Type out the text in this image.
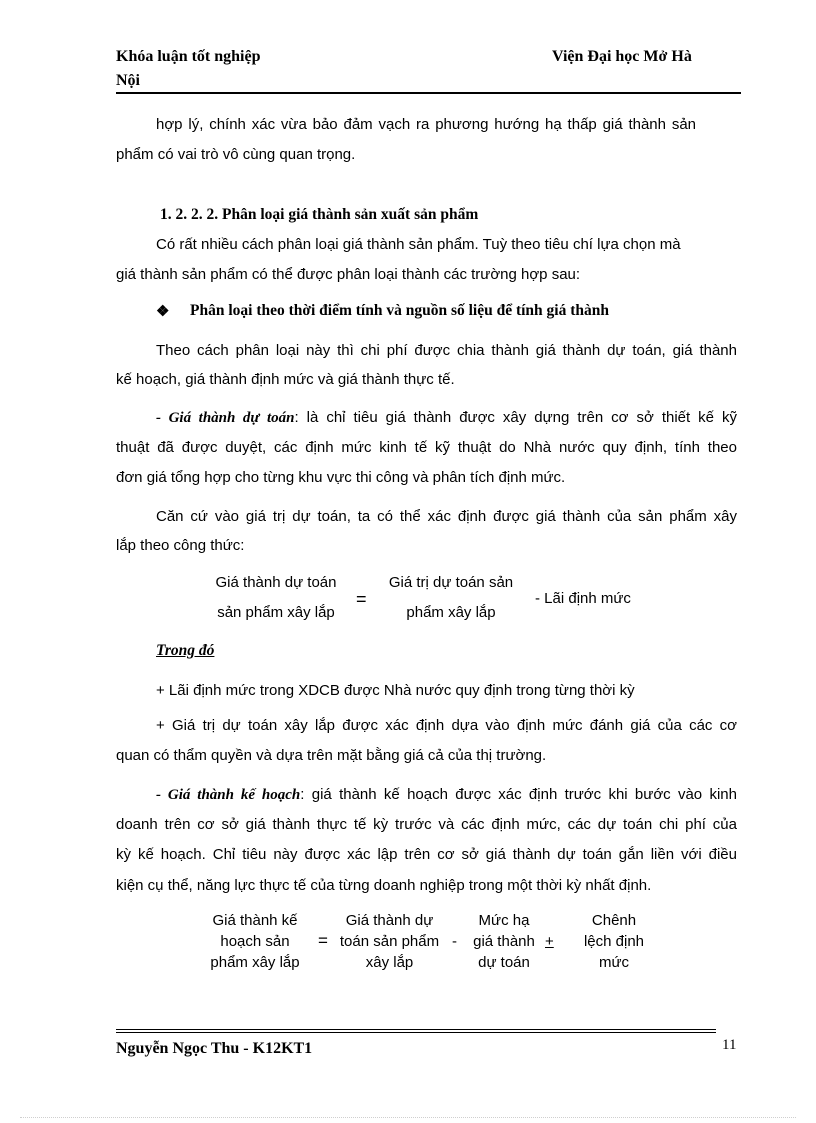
Khóa luận tốt nghiệp	Viện Đại học Mở Hà
Nội
hợp lý, chính xác vừa bảo đảm vạch ra phương hướng hạ thấp giá thành sản
phẩm có vai trò vô cùng quan trọng.
1. 2. 2. 2. Phân loại giá thành sản xuất sản phẩm
Có rất nhiều cách phân loại giá thành sản phẩm. Tuỳ theo tiêu chí lựa chọn mà
giá thành sản phẩm có thể được phân loại thành các trường hợp sau:
❖ Phân loại theo thời điểm tính và nguồn số liệu để tính giá thành
Theo cách phân loại này thì chi phí được chia thành giá thành dự toán, giá thành
kế hoạch, giá thành định mức và giá thành thực tế.
- Giá thành dự toán: là chỉ tiêu giá thành được xây dựng trên cơ sở thiết kế kỹ
thuật đã được duyệt, các định mức kinh tế kỹ thuật do Nhà nước quy định, tính theo
đơn giá tổng hợp cho từng khu vực thi công và phân tích định mức.
Căn cứ vào giá trị dự toán, ta có thể xác định được giá thành của sản phẩm xây
lắp theo công thức:
Giá thành dự toán
sản phẩm xây lắp
=
Giá trị dự toán sản
phẩm xây lắp
- Lãi định mức
Trong đó
+ Lãi định mức trong XDCB được Nhà nước quy định trong từng thời kỳ
+ Giá trị dự toán xây lắp được xác định dựa vào định mức đánh giá của các cơ
quan có thẩm quyền và dựa trên mặt bằng giá cả của thị trường.
- Giá thành kế hoạch: giá thành kế hoạch được xác định trước khi bước vào kinh
doanh trên cơ sở giá thành thực tế kỳ trước và các định mức, các dự toán chi phí của
kỳ kế hoạch. Chỉ tiêu này được xác lập trên cơ sở giá thành dự toán gắn liền với điều
kiện cụ thể, năng lực thực tế của từng doanh nghiệp trong một thời kỳ nhất định.
Giá thành kế
hoạch sản
phẩm xây lắp
=
Giá thành dự
toán sản phẩm
xây lắp
-
Mức hạ
giá thành
dự toán
+
Chênh
lệch định
mức
Nguyễn Ngọc Thu - K12KT1	11
